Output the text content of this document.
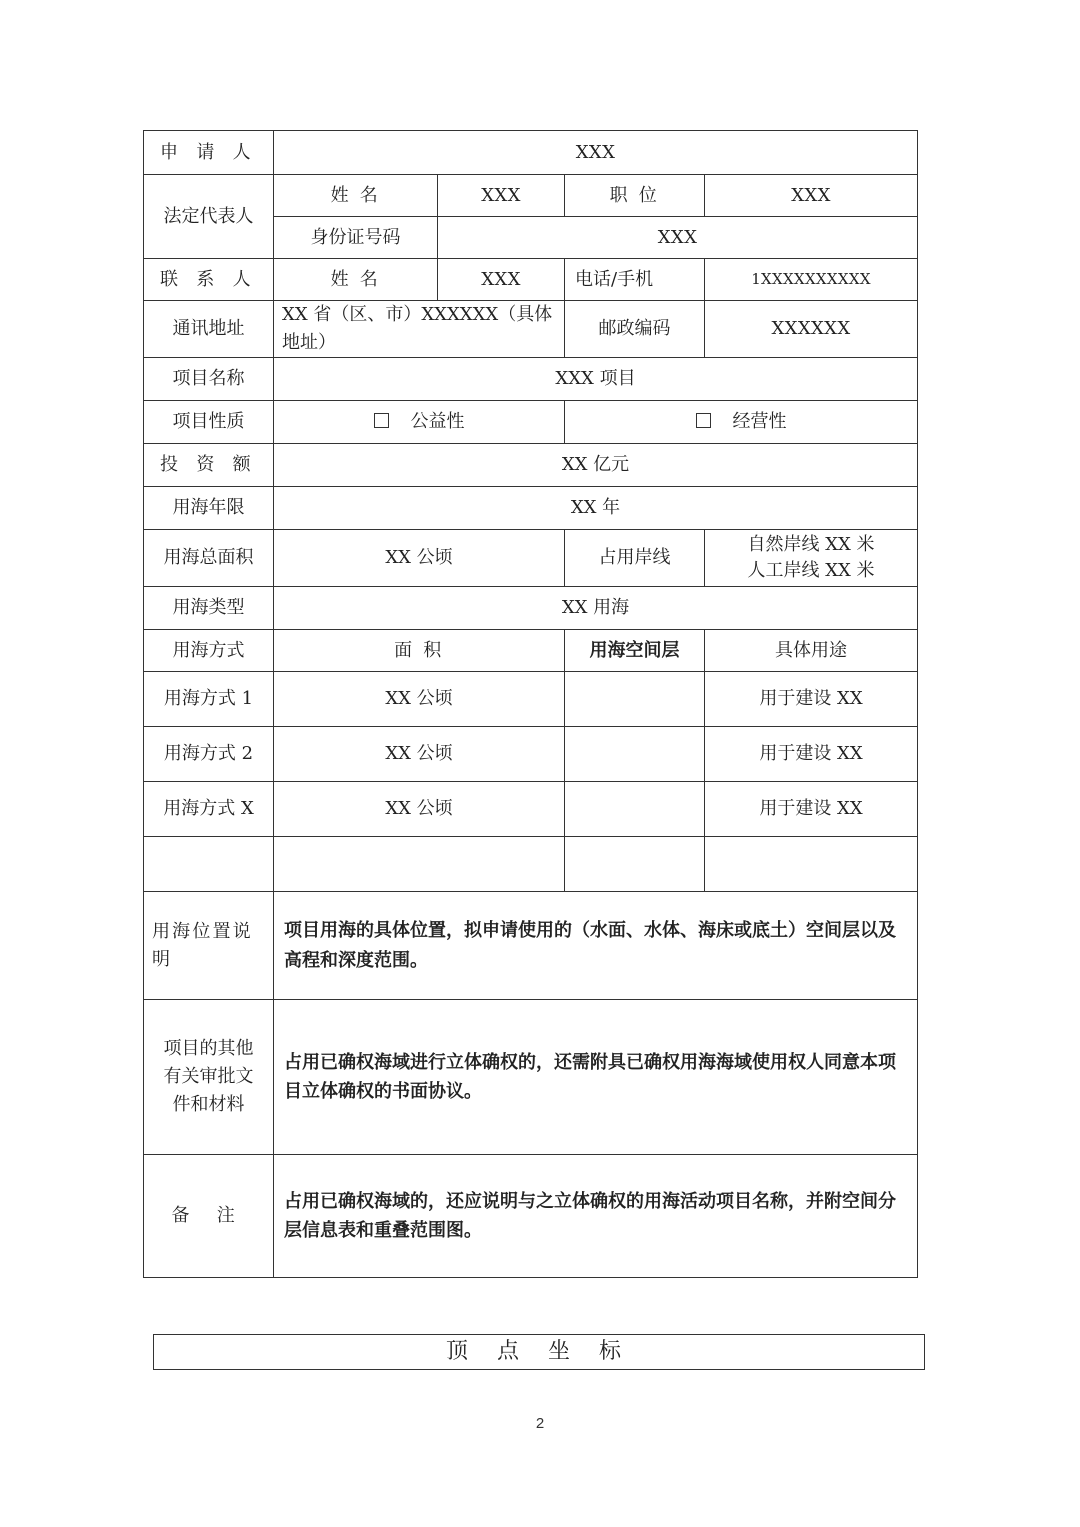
申 请 人	XXX			
法定代表人	姓 名	XXX	职 位	XXX
	身份证号码	XXX		
联 系 人	姓 名	XXX	电话/手机	1XXXXXXXXXX
通讯地址	XX 省（区、市）XXXXXX（具体地址）		邮政编码	XXXXXX
项目名称	XXX 项目			
项目性质	公益性		经营性	
投 资 额	XX 亿元			
用海年限	XX 年			
用海总面积	XX 公顷		占用岸线	自然岸线 XX 米
人工岸线 XX 米

用海类型	XX 用海			
用海方式	面 积		用海空间层	具体用途
用海方式 1	XX 公顷			用于建设 XX
用海方式 2	XX 公顷			用于建设 XX
用海方式 X	XX 公顷			用于建设 XX

用海位置说明	项目用海的具体位置，拟申请使用的（水面、水体、海床或底土）空间层以及高程和深度范围。			
项目的其他有关审批文件和材料	占用已确权海域进行立体确权的，还需附具已确权用海海域使用权人同意本项目立体确权的书面协议。			
备 注	占用已确权海域的，还应说明与之立体确权的用海活动项目名称，并附空间分层信息表和重叠范围图。			
顶 点 坐 标
2
